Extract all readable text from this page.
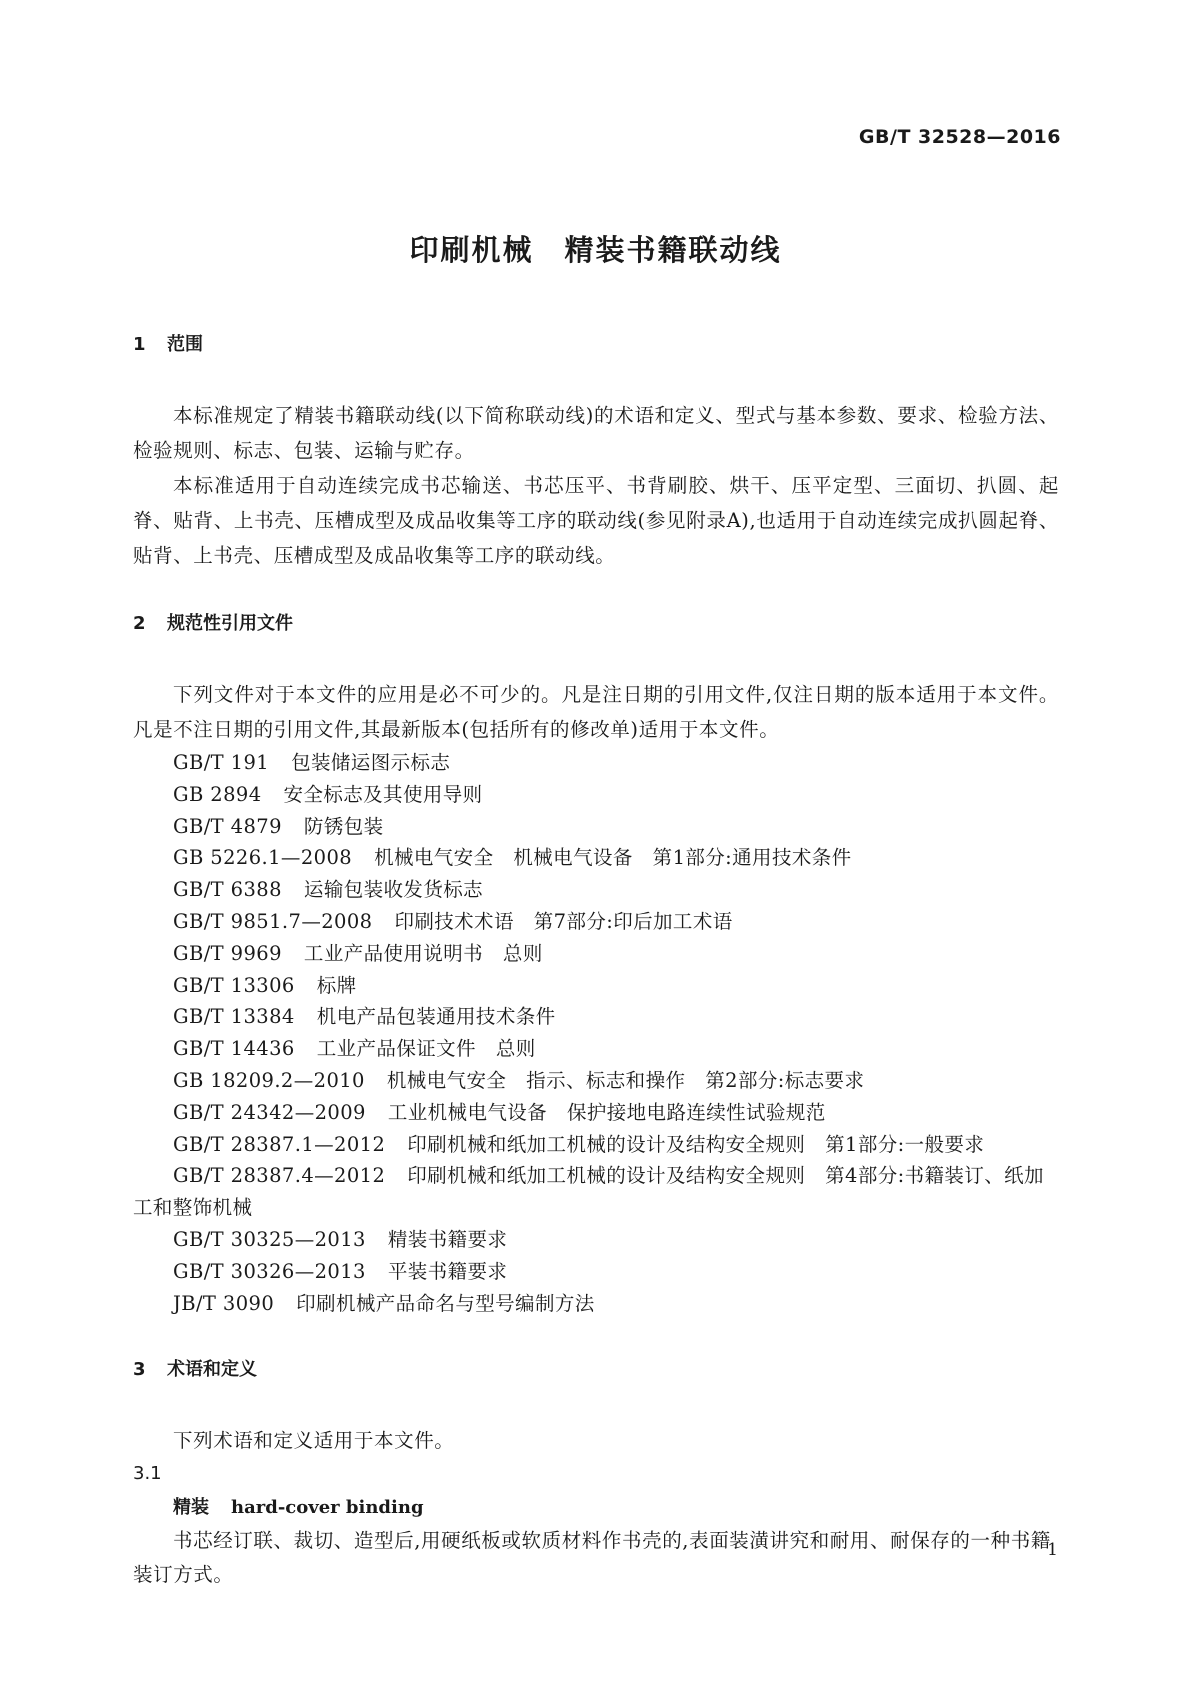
GB/T 32528—2016
印刷机械　精装书籍联动线
1 范围

本标准规定了精装书籍联动线(以下简称联动线)的术语和定义、型式与基本参数、要求、检验方法、检验规则、标志、包装、运输与贮存。

本标准适用于自动连续完成书芯输送、书芯压平、书背刷胶、烘干、压平定型、三面切、扒圆、起脊、贴背、上书壳、压槽成型及成品收集等工序的联动线(参见附录A),也适用于自动连续完成扒圆起脊、贴背、上书壳、压槽成型及成品收集等工序的联动线。

2 规范性引用文件

下列文件对于本文件的应用是必不可少的。凡是注日期的引用文件,仅注日期的版本适用于本文件。凡是不注日期的引用文件,其最新版本(包括所有的修改单)适用于本文件。

GB/T 191 包装储运图示标志
GB 2894 安全标志及其使用导则
GB/T 4879 防锈包装
GB 5226.1—2008 机械电气安全　机械电气设备　第1部分:通用技术条件
GB/T 6388 运输包装收发货标志
GB/T 9851.7—2008 印刷技术术语　第7部分:印后加工术语
GB/T 9969 工业产品使用说明书　总则
GB/T 13306 标牌
GB/T 13384 机电产品包装通用技术条件
GB/T 14436 工业产品保证文件　总则
GB 18209.2—2010 机械电气安全　指示、标志和操作　第2部分:标志要求
GB/T 24342—2009 工业机械电气设备　保护接地电路连续性试验规范
GB/T 28387.1—2012 印刷机械和纸加工机械的设计及结构安全规则　第1部分:一般要求
GB/T 28387.4—2012 印刷机械和纸加工机械的设计及结构安全规则　第4部分:书籍装订、纸加工和整饰机械
GB/T 30325—2013 精装书籍要求
GB/T 30326—2013 平装书籍要求
JB/T 3090 印刷机械产品命名与型号编制方法
3 术语和定义

下列术语和定义适用于本文件。

3.1
精装 hard-cover binding

书芯经订联、裁切、造型后,用硬纸板或软质材料作书壳的,表面装潢讲究和耐用、耐保存的一种书籍装订方式。

1
